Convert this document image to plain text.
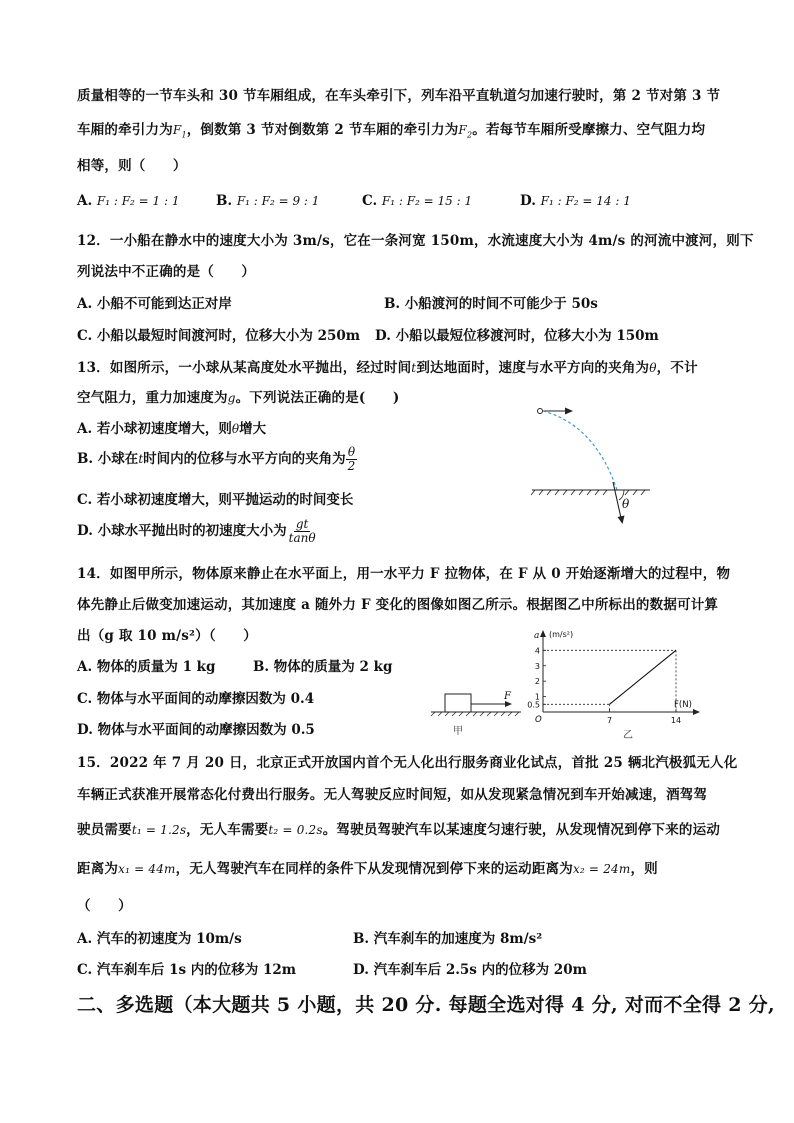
质量相等的一节车头和 30 节车厢组成，在车头牵引下，列车沿平直轨道匀加速行驶时，第 2 节对第 3 节
车厢的牵引力为$F_1$，倒数第 3 节对倒数第 2 节车厢的牵引力为$F_2$。若每节车厢所受摩擦力、空气阻力均
相等，则（　　）
A. F₁ : F₂ = 1 : 1	B. F₁ : F₂ = 9 : 1	C. F₁ : F₂ = 15 : 1	D. F₁ : F₂ = 14 : 1
12．一小船在静水中的速度大小为 3m/s，它在一条河宽 150m，水流速度大小为 4m/s 的河流中渡河，则下
列说法中不正确的是（　　）
A. 小船不可能到达正对岸	B. 小船渡河的时间不可能少于 50s
C. 小船以最短时间渡河时，位移大小为 250m D. 小船以最短位移渡河时，位移大小为 150m
13．如图所示，一小球从某高度处水平抛出，经过时间t到达地面时，速度与水平方向的夹角为θ，不计
空气阻力，重力加速度为g。下列说法正确的是(　　)
A. 若小球初速度增大，则θ增大
B. 小球在t时间内的位移与水平方向的夹角为 $\frac{\theta}{2}$
C. 若小球初速度增大，则平抛运动的时间变长
D. 小球水平抛出时的初速度大小为 $\frac{gt}{\tan\theta}$
θ
14．如图甲所示，物体原来静止在水平面上，用一水平力 F 拉物体，在 F 从 0 开始逐渐增大的过程中，物
体先静止后做变加速运动，其加速度 a 随外力 F 变化的图像如图乙所示。根据图乙中所标出的数据可计算
出（g 取 10 m/s²）（　　）
A. 物体的质量为 1 kg	B. 物体的质量为 2 kg
C. 物体与水平面间的动摩擦因数为 0.4
D. 物体与水平面间的动摩擦因数为 0.5
F
甲
a (m/s²)
F(N)
O
0.5
1
2
3
4
7	14
乙
15．2022 年 7 月 20 日，北京正式开放国内首个无人化出行服务商业化试点，首批 25 辆北汽极狐无人化
车辆正式获准开展常态化付费出行服务。无人驾驶反应时间短，如从发现紧急情况到车开始减速，酒驾驾
驶员需要t₁ = 1.2s，无人车需要t₂ = 0.2s。驾驶员驾驶汽车以某速度匀速行驶，从发现情况到停下来的运动
距离为x₁ = 44m，无人驾驶汽车在同样的条件下从发现情况到停下来的运动距离为x₂ = 24m，则
（　　）
A. 汽车的初速度为 10m/s	B. 汽车刹车的加速度为 8m/s²
C. 汽车刹车后 1s 内的位移为 12m	D. 汽车刹车后 2.5s 内的位移为 20m
二、多选题（本大题共 5 小题，共 20 分. 每题全选对得 4 分, 对而不全得 2 分,
